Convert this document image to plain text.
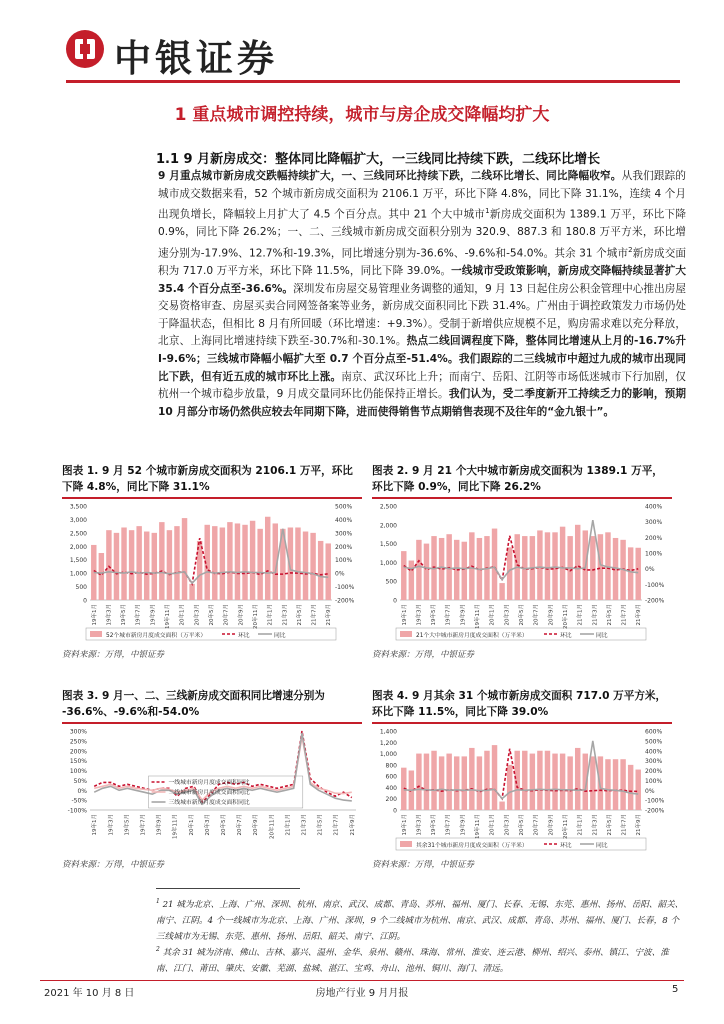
中银证券
1 重点城市调控持续，城市与房企成交降幅均扩大
1.1 9 月新房成交：整体同比降幅扩大，一三线同比持续下跌，二线环比增长
9 月重点城市新房成交跌幅持续扩大，一、三线同环比持续下跌，二线环比增长、同比降幅收窄。从我们跟踪的城市成交数据来看，52 个城市新房成交面积为 2106.1 万平，环比下降 4.8%，同比下降 31.1%，连续 4 个月出现负增长，降幅较上月扩大了 4.5 个百分点。其中 21 个大中城市$^1$新房成交面积为 1389.1 万平，环比下降 0.9%，同比下降 26.2%；一、二、三线城市新房成交面积分别为 320.9、887.3 和 180.8 万平方米，环比增速分别为-17.9%、12.7%和-19.3%，同比增速分别为-36.6%、-9.6%和-54.0%。其余 31 个城市$^2$新房成交面积为 717.0 万平方米，环比下降 11.5%，同比下降 39.0%。一线城市受政策影响，新房成交降幅持续显著扩大 35.4 个百分点至-36.6%。深圳发布房屋交易管理业务调整的通知，9 月 13 日起住房公积金管理中心推出房屋交易资格审查、房屋买卖合同网签备案等业务，新房成交面积同比下跌 31.4%。广州由于调控政策发力市场仍处于降温状态，但相比 8 月有所回暖（环比增速：+9.3%）。受制于新增供应规模不足，购房需求难以充分释放，北京、上海同比增速持续下跌至-30.7%和-30.1%。热点二线回调程度下降，整体同比增速从上月的-16.7%升Ⅰ-9.6%；三线城市降幅小幅扩大至 0.7 个百分点至-51.4%。我们跟踪的二三线城市中超过九成的城市出现同比下跌，但有近五成的城市环比上涨。南京、武汉环比上升；而南宁、岳阳、江阴等市场低迷城市下行加剧，仅杭州一个城市稳步放量，9 月成交量同环比仍能保持正增长。我们认为，受二季度新开工持续乏力的影响，预期 10 月部分市场仍然供应较去年同期下降，进而使得销售节点期销售表现不及往年的“金九银十”。
图表 1. 9 月 52 个城市新房成交面积为 2106.1 万平，环比下降 4.8%，同比下降 31.1%
0
500
1,000
1,500
2,000
2,500
3,000
3,500
-200%
-100%
0%
100%
200%
300%
400%
500%
19年1月	19年3月	19年5月	19年7月	19年9月	19年11月	20年1月	20年3月	20年5月	20年7月	20年9月	20年11月	21年1月	21年3月	21年5月	21年7月	21年9月
52个城市新房月度成交面积（万平米）	环比	同比
资料来源：万得，中银证券
图表 2. 9 月 21 个大中城市新房成交面积为 1389.1 万平，环比下降 0.9%，同比下降 26.2%
0
500
1,000
1,500
2,000
2,500
-200%
-100%
0%
100%
200%
300%
400%
19年1月	19年3月	19年5月	19年7月	19年9月	19年11月	20年1月	20年3月	20年5月	20年7月	20年9月	20年11月	21年1月	21年3月	21年5月	21年7月	21年9月
21个大中城市新房月度成交面积（万平米）	环比	同比
资料来源：万得，中银证券
图表 3. 9 月一、二、三线新房成交面积同比增速分别为 -36.6%、-9.6%和-54.0%
-100%
-50%
0%
50%
100%
150%
200%
250%
300%
19年1月	19年3月	19年5月	19年7月	19年9月	19年11月	20年1月	20年3月	20年5月	20年7月	20年9月	20年11月	21年1月	21年3月	21年5月	21年7月	21年9月
一线城市新房月度成交面积同比
二线城市新房月度成交面积同比
三线城市新房月度成交面积同比
资料来源：万得，中银证券
图表 4. 9 月其余 31 个城市新房成交面积 717.0 万平方米，环比下降 11.5%，同比下降 39.0%
0
200
400
600
800
1,000
1,200
1,400
-200%
-100%
0%
100%
200%
300%
400%
500%
600%
19年1月	19年3月	19年5月	19年7月	19年9月	19年11月	20年1月	20年3月	20年5月	20年7月	20年9月	20年11月	21年1月	21年3月	21年5月	21年7月	21年9月
其余31个城市新房月度成交面积（万平米）	环比	同比
资料来源：万得，中银证券
$^1$ 21 城为北京、上海、广州、深圳、杭州、南京、武汉、成都、青岛、苏州、福州、厦门、长春、无锡、东莞、惠州、扬州、岳阳、韶关、南宁、江阴。4 个一线城市为北京、上海、广州、深圳，9 个二线城市为杭州、南京、武汉、成都、青岛、苏州、福州、厦门、长春，8 个三线城市为无锡、东莞、惠州、扬州、岳阳、韶关、南宁、江阴。
$^2$ 其余 31 城为济南、佛山、吉林、嘉兴、温州、金华、泉州、赣州、珠海、常州、淮安、连云港、柳州、绍兴、泰州、镇江、宁波、淮南、江门、莆田、肇庆、安徽、芜湖、盐城、湛江、宝鸡、舟山、池州、铜川、海门、清远。
2021 年 10 月 8 日	房地产行业 9 月月报	5
